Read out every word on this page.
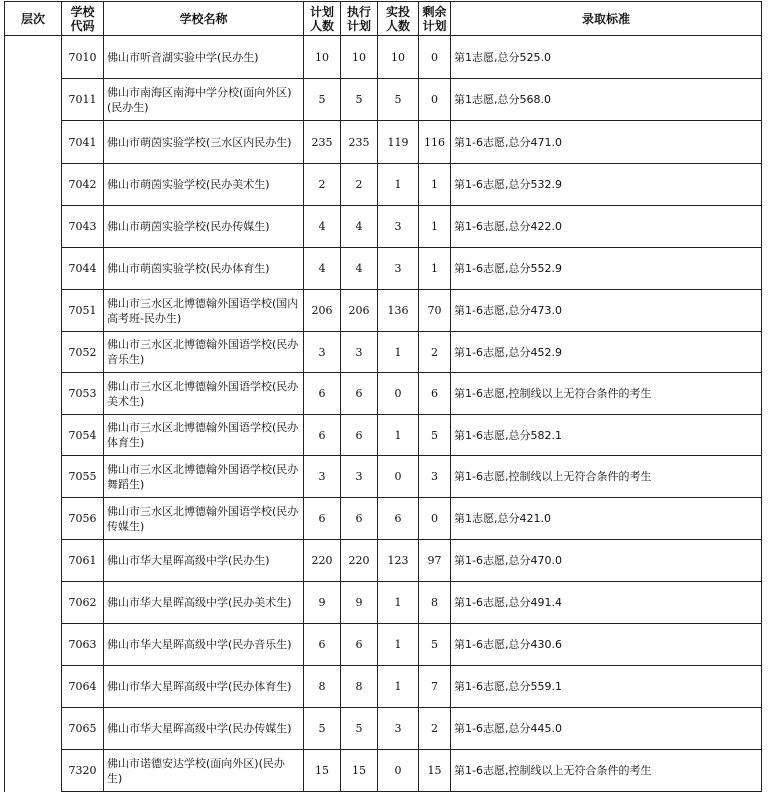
层次	学校代码	学校名称	计划人数	执行计划	实投人数	剩余计划	录取标准
	7010	佛山市听音湖实验中学(民办生)	10	10	10	0	第1志愿,总分525.0
	7011	佛山市南海区南海中学分校(面向外区)(民办生)	5	5	5	0	第1志愿,总分568.0
	7041	佛山市萌茵实验学校(三水区内民办生)	235	235	119	116	第1-6志愿,总分471.0
	7042	佛山市萌茵实验学校(民办美术生)	2	2	1	1	第1-6志愿,总分532.9
	7043	佛山市萌茵实验学校(民办传媒生)	4	4	3	1	第1-6志愿,总分422.0
	7044	佛山市萌茵实验学校(民办体育生)	4	4	3	1	第1-6志愿,总分552.9
	7051	佛山市三水区北博德翰外国语学校(国内高考班-民办生)	206	206	136	70	第1-6志愿,总分473.0
	7052	佛山市三水区北博德翰外国语学校(民办音乐生)	3	3	1	2	第1-6志愿,总分452.9
	7053	佛山市三水区北博德翰外国语学校(民办美术生)	6	6	0	6	第1-6志愿,控制线以上无符合条件的考生
	7054	佛山市三水区北博德翰外国语学校(民办体育生)	6	6	1	5	第1-6志愿,总分582.1
	7055	佛山市三水区北博德翰外国语学校(民办舞蹈生)	3	3	0	3	第1-6志愿,控制线以上无符合条件的考生
	7056	佛山市三水区北博德翰外国语学校(民办传媒生)	6	6	6	0	第1志愿,总分421.0
	7061	佛山市华大星晖高级中学(民办生)	220	220	123	97	第1-6志愿,总分470.0
	7062	佛山市华大星晖高级中学(民办美术生)	9	9	1	8	第1-6志愿,总分491.4
	7063	佛山市华大星晖高级中学(民办音乐生)	6	6	1	5	第1-6志愿,总分430.6
	7064	佛山市华大星晖高级中学(民办体育生)	8	8	1	7	第1-6志愿,总分559.1
	7065	佛山市华大星晖高级中学(民办传媒生)	5	5	3	2	第1-6志愿,总分445.0
	7320	佛山市诺德安达学校(面向外区)(民办生)	15	15	0	15	第1-6志愿,控制线以上无符合条件的考生
